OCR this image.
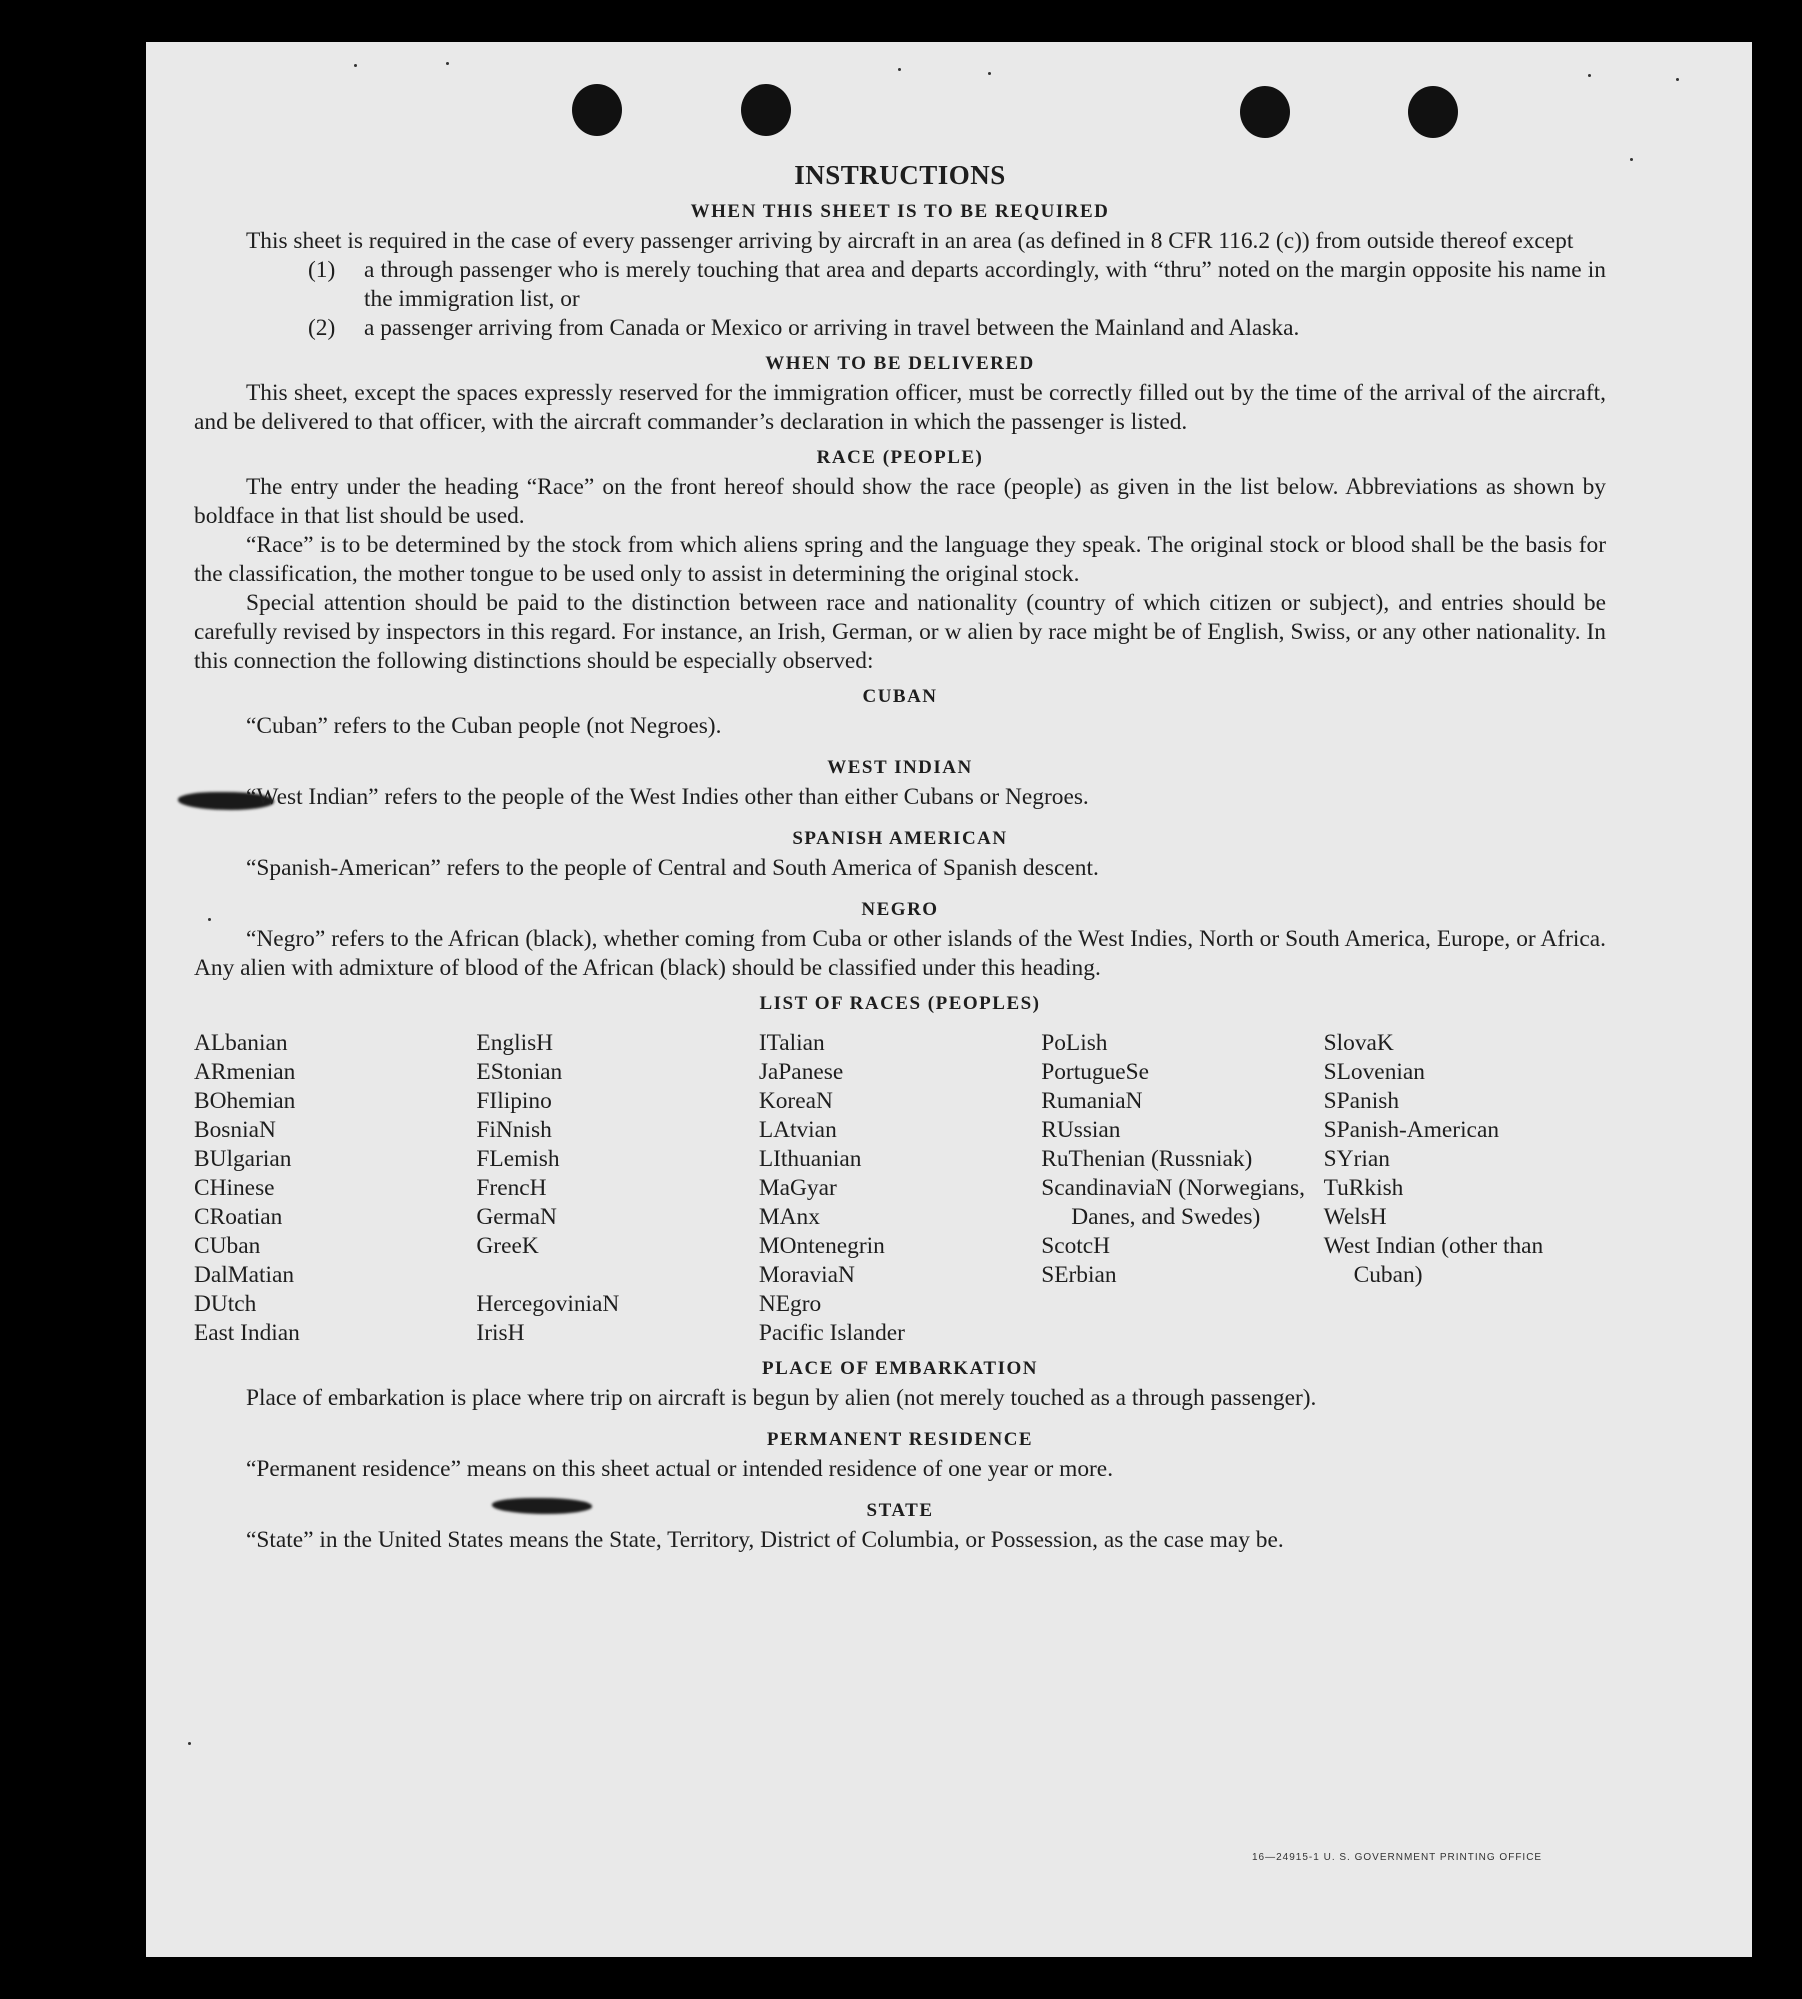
INSTRUCTIONS
WHEN THIS SHEET IS TO BE REQUIRED

This sheet is required in the case of every passenger arriving by aircraft in an area (as defined in 8 CFR 116.2 (c)) from outside thereof except

(1)	a through passenger who is merely touching that area and departs accordingly, with “thru” noted on the margin opposite his name in the immigration list, or
(2)	a passenger arriving from Canada or Mexico or arriving in travel between the Mainland and Alaska.
WHEN TO BE DELIVERED

This sheet, except the spaces expressly reserved for the immigration officer, must be correctly filled out by the time of the arrival of the aircraft, and be delivered to that officer, with the aircraft commander’s declaration in which the passenger is listed.

RACE (PEOPLE)

The entry under the heading “Race” on the front hereof should show the race (people) as given in the list below. Abbreviations as shown by boldface in that list should be used.

“Race” is to be determined by the stock from which aliens spring and the language they speak. The original stock or blood shall be the basis for the classification, the mother tongue to be used only to assist in determining the original stock.

Special attention should be paid to the distinction between race and nationality (country of which citizen or subject), and entries should be carefully revised by inspectors in this regard. For instance, an Irish, German, or w alien by race might be of English, Swiss, or any other nationality. In this connection the following distinctions should be especially observed:

CUBAN

“Cuban” refers to the Cuban people (not Negroes).

WEST INDIAN

“West Indian” refers to the people of the West Indies other than either Cubans or Negroes.

SPANISH AMERICAN

“Spanish-American” refers to the people of Central and South America of Spanish descent.

NEGRO

“Negro” refers to the African (black), whether coming from Cuba or other islands of the West Indies, North or South America, Europe, or Africa. Any alien with admixture of blood of the African (black) should be classified under this heading.

LIST OF RACES (PEOPLES)
ALbanian
ARmenian
BOhemian
BosniaN
BUlgarian
CHinese
CRoatian
CUban
DalMatian
DUtch
East Indian
EnglisH
EStonian
FIlipino
FiNnish
FLemish
FrencH
GermaN
GreeK

HercegoviniaN
IrisH
ITalian
JaPanese
KoreaN
LAtvian
LIthuanian
MaGyar
MAnx
MOntenegrin
MoraviaN
NEgro
Pacific Islander
PoLish
PortugueSe
RumaniaN
RUssian
RuThenian (Russniak)
ScandinaviaN (Norwegians, Danes, and Swedes)
ScotcH
SErbian
SlovaK
SLovenian
SPanish
SPanish-American
SYrian
TuRkish
WelsH
West Indian (other than Cuban)
PLACE OF EMBARKATION

Place of embarkation is place where trip on aircraft is begun by alien (not merely touched as a through passenger).

PERMANENT RESIDENCE

“Permanent residence” means on this sheet actual or intended residence of one year or more.

STATE

“State” in the United States means the State, Territory, District of Columbia, or Possession, as the case may be.

16—24915-1 U. S. GOVERNMENT PRINTING OFFICE
